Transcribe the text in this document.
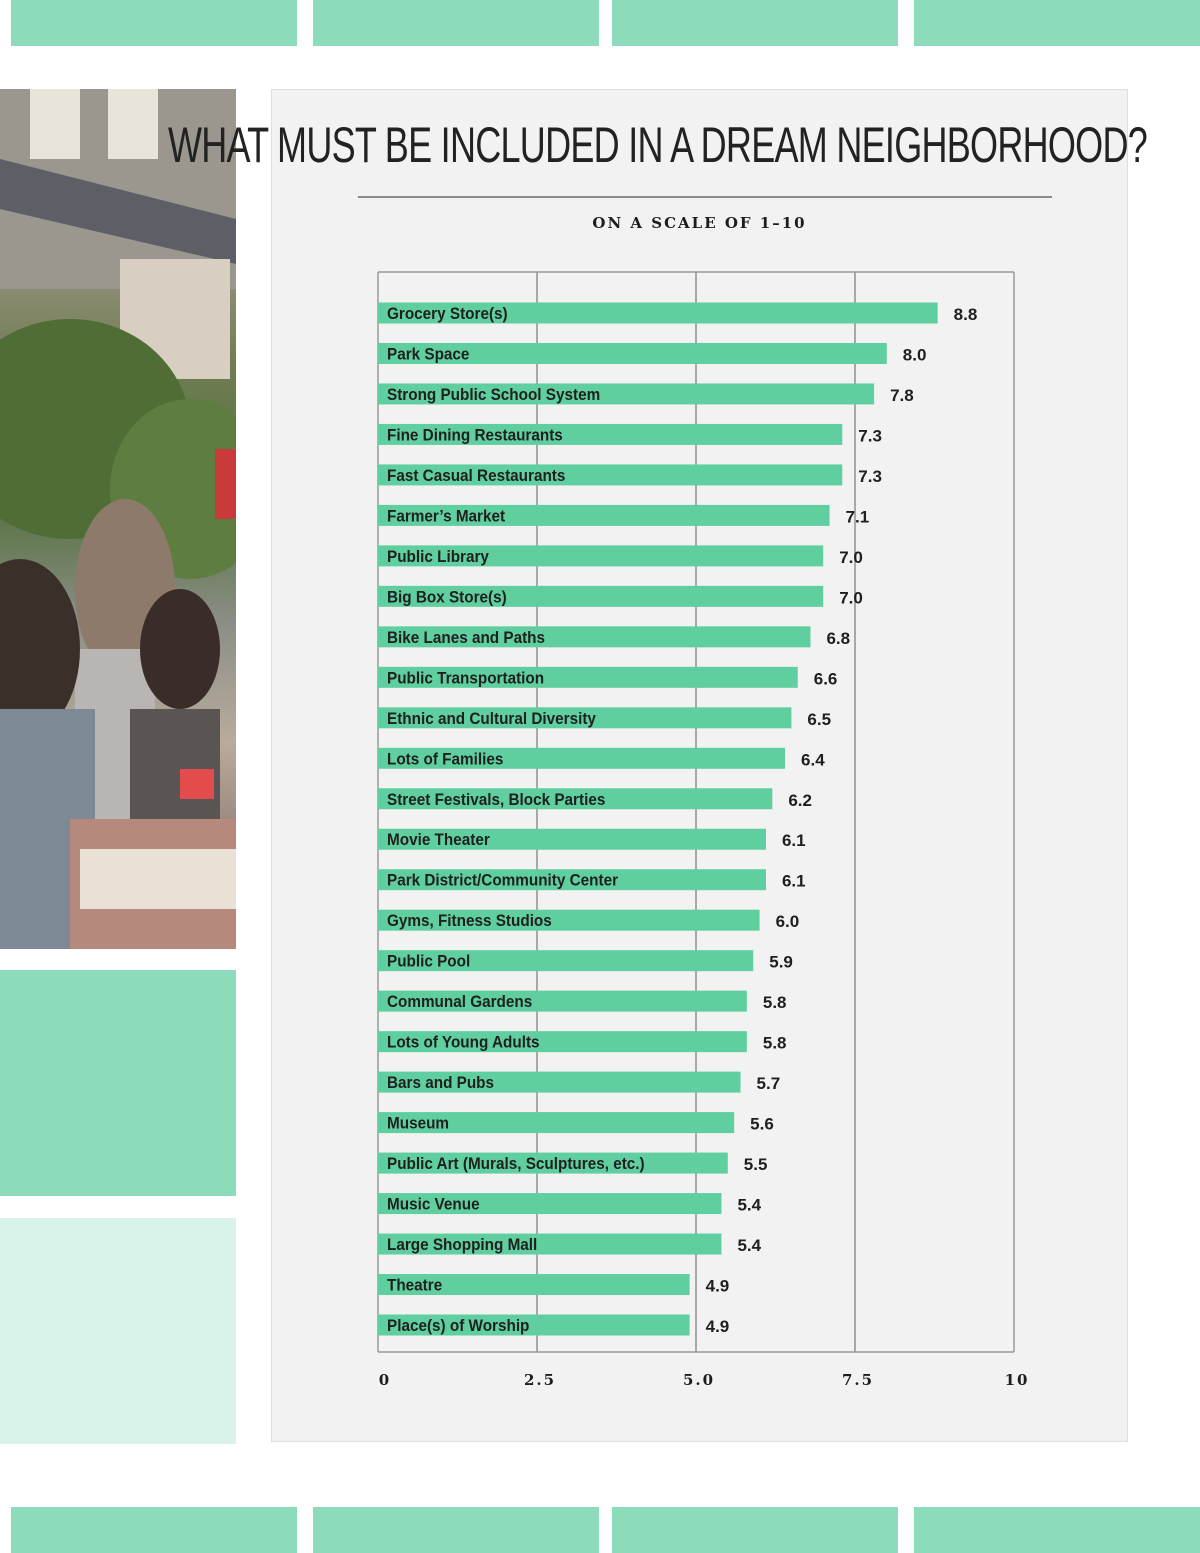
WHAT MUST BE INCLUDED IN A DREAM NEIGHBORHOOD?
ON A SCALE OF 1–10
0	2.5	5.0	7.5	10
Grocery Store(s)	8.8
Park Space	8.0
Strong Public School System	7.8
Fine Dining Restaurants	7.3
Fast Casual Restaurants	7.3
Farmer’s Market	7.1
Public Library	7.0
Big Box Store(s)	7.0
Bike Lanes and Paths	6.8
Public Transportation	6.6
Ethnic and Cultural Diversity	6.5
Lots of Families	6.4
Street Festivals, Block Parties	6.2
Movie Theater	6.1
Park District/Community Center	6.1
Gyms, Fitness Studios	6.0
Public Pool	5.9
Communal Gardens	5.8
Lots of Young Adults	5.8
Bars and Pubs	5.7
Museum	5.6
Public Art (Murals, Sculptures, etc.)	5.5
Music Venue	5.4
Large Shopping Mall	5.4
Theatre	4.9
Place(s) of Worship	4.9
